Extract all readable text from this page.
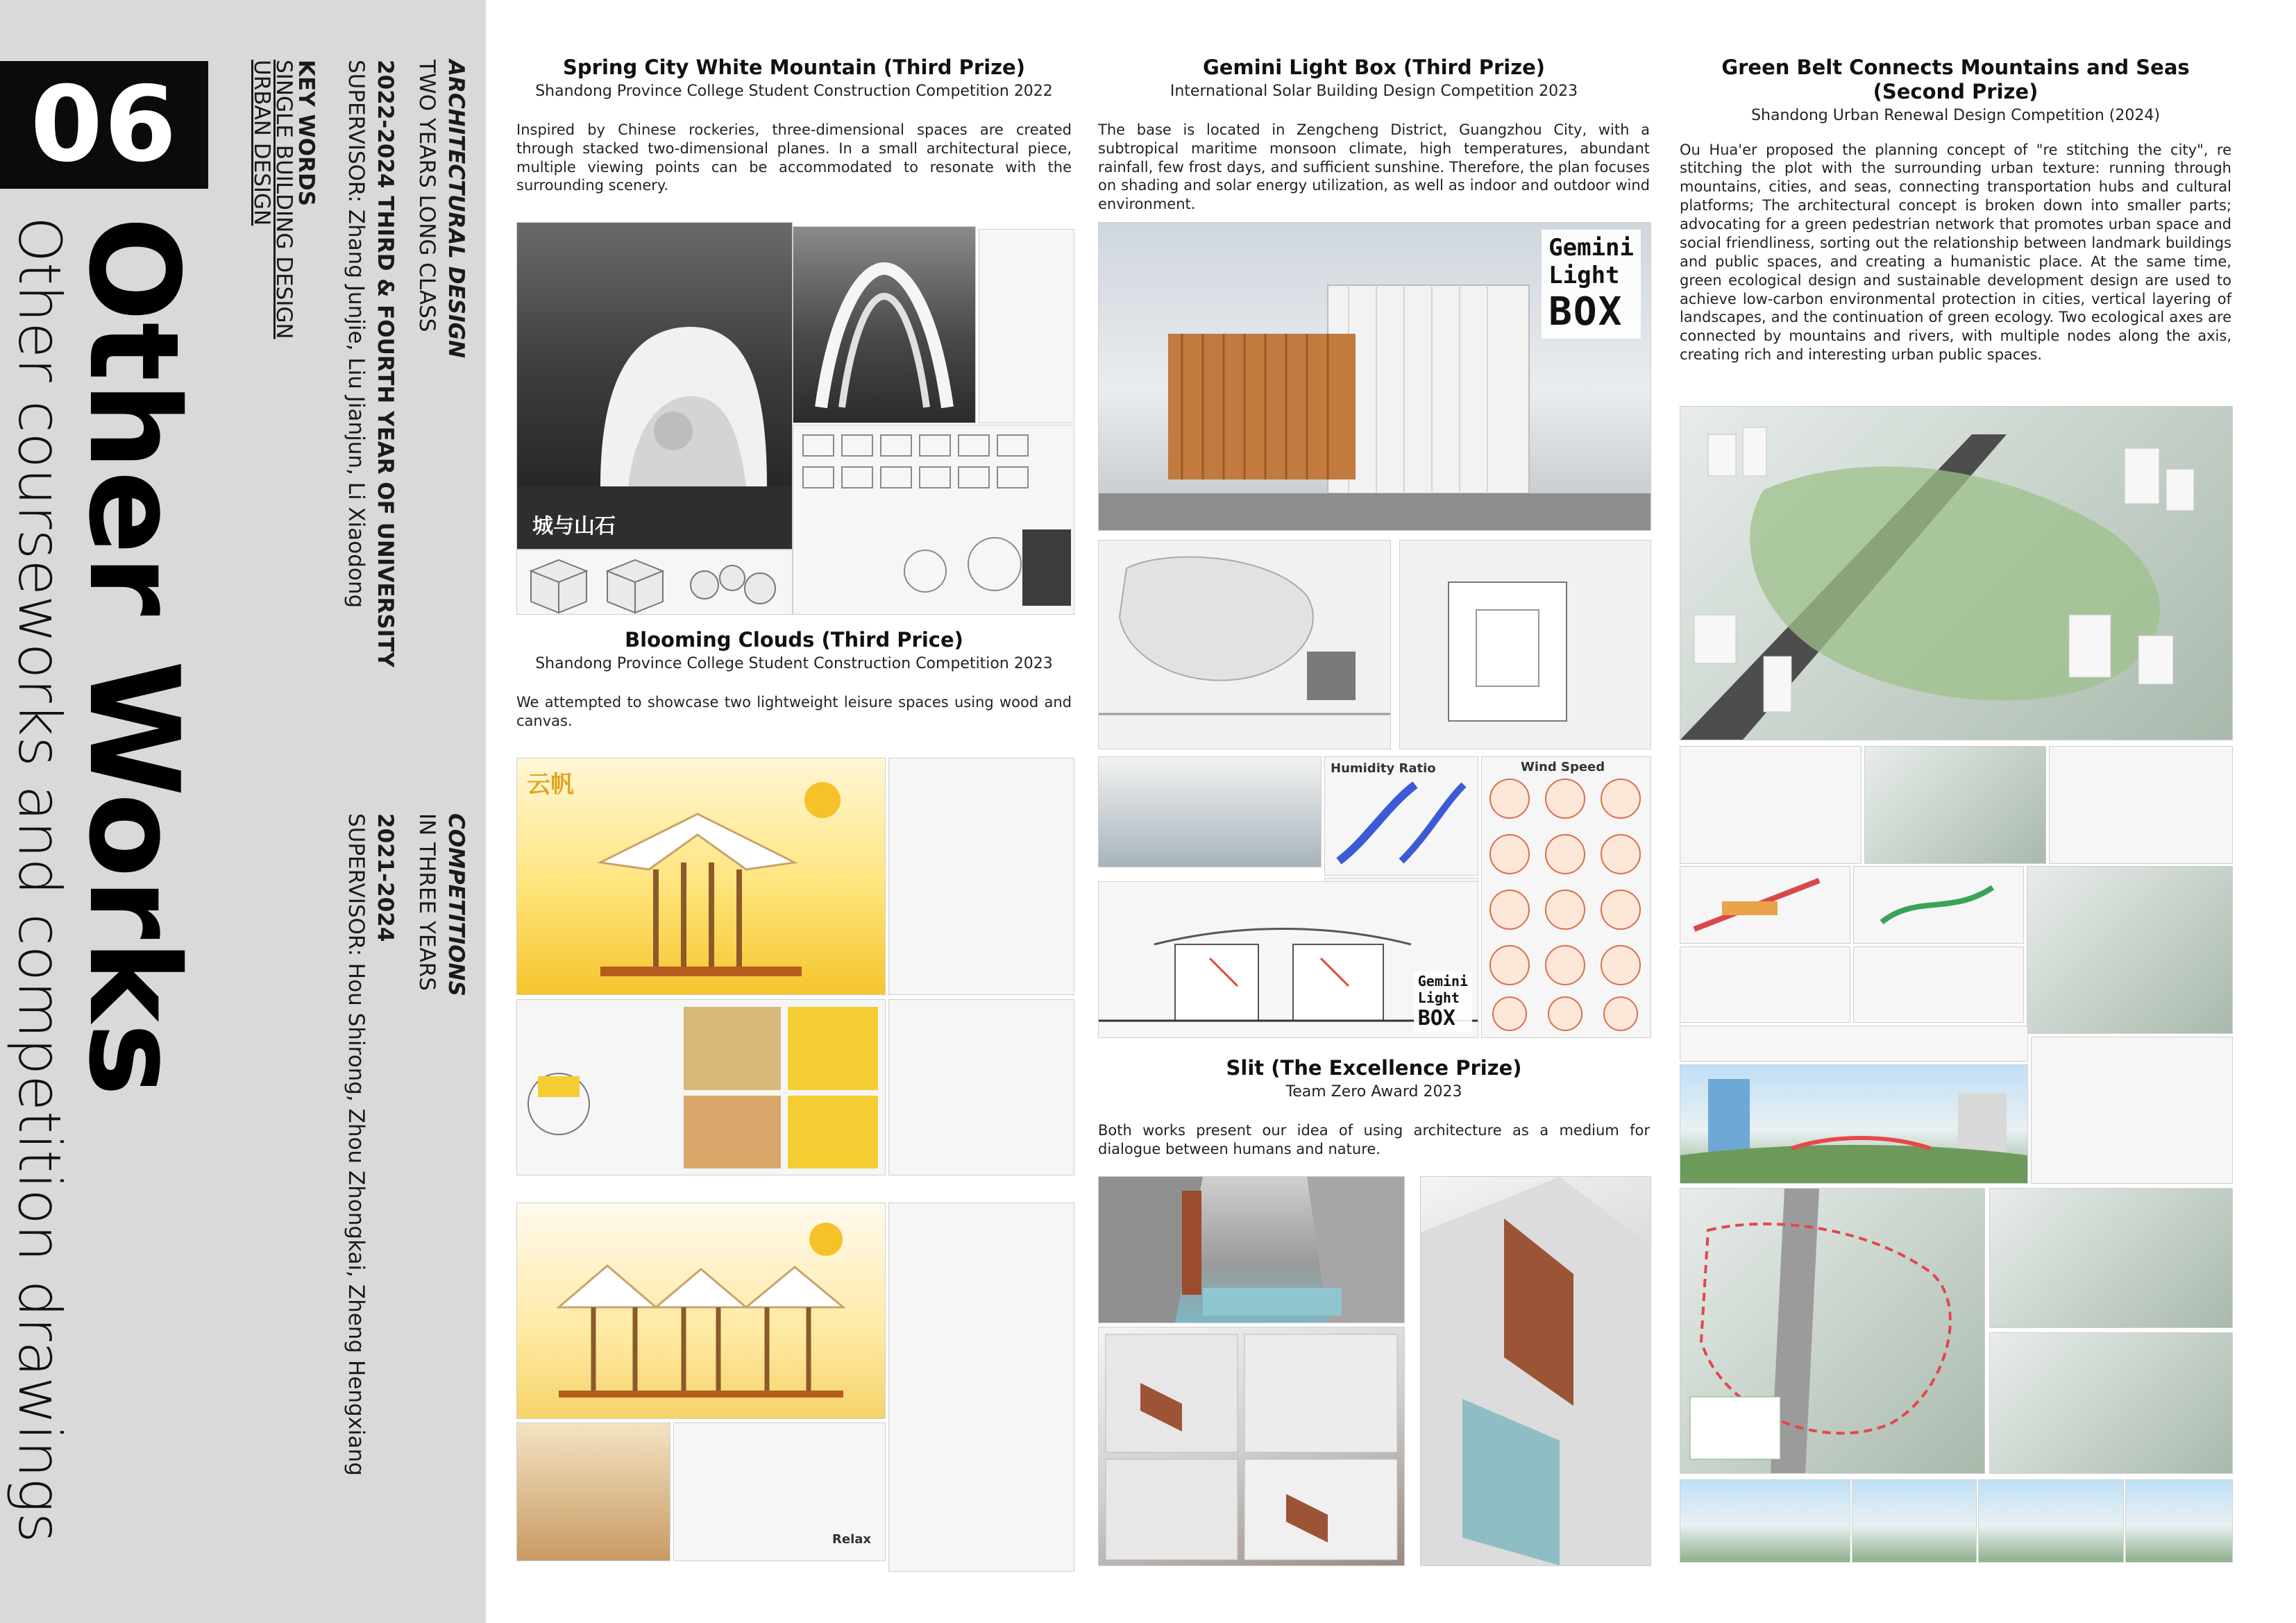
06
Other Works
Other courseworks and competition drawings
ARCHITECTURAL DESIGN
TWO YEARS LONG CLASS
2022-2024 THIRD & FOURTH YEAR OF UNIVERSITY
SUPERVISOR: Zhang Junjie, Liu Jianjun, Li Xiaodong
KEY WORDS
SINGLE BUILDING DESIGN
URBAN DESIGN
COMPETITIONS
IN THREE YEARS
2021-2024
SUPERVISOR: Hou Shirong, Zhou Zhongkai, Zheng Hengxiang
Spring City White Mountain (Third Prize)
Shandong Province College Student Construction Competition 2022
Inspired by Chinese rockeries, three-dimensional spaces are created through stacked two-dimensional planes. In a small architectural piece, multiple viewing points can be accommodated to resonate with the surrounding scenery.
城与山石
Blooming Clouds (Third Price)
Shandong Province College Student Construction Competition 2023
We attempted to showcase two lightweight leisure spaces using wood and canvas.
云帆
Relax
Gemini Light Box (Third Prize)
International Solar Building Design Competition 2023
The base is located in Zengcheng District, Guangzhou City, with a subtropical maritime monsoon climate, high temperatures, abundant rainfall, few frost days, and sufficient sunshine. Therefore, the plan focuses on shading and solar energy utilization, as well as indoor and outdoor wind environment.
Gemini
Light
BOX
Humidity Ratio	Wind Speed
Gemini
Light
BOX
Slit (The Excellence Prize)
Team Zero Award 2023
Both works present our idea of using architecture as a medium for dialogue between humans and nature.
Green Belt Connects Mountains and Seas
(Second Prize)
Shandong Urban Renewal Design Competition (2024)
Ou Hua'er proposed the planning concept of "re stitching the city", re stitching the plot with the surrounding urban texture: running through mountains, cities, and seas, connecting transportation hubs and cultural platforms; The architectural concept is broken down into smaller parts; advocating for a green pedestrian network that promotes urban space and social friendliness, sorting out the relationship between landmark buildings and public spaces, and creating a humanistic place. At the same time, green ecological design and sustainable development design are used to achieve low-carbon environmental protection in cities, vertical layering of landscapes, and the continuation of green ecology. Two ecological axes are connected by mountains and rivers, with multiple nodes along the axis, creating rich and interesting urban public spaces.
